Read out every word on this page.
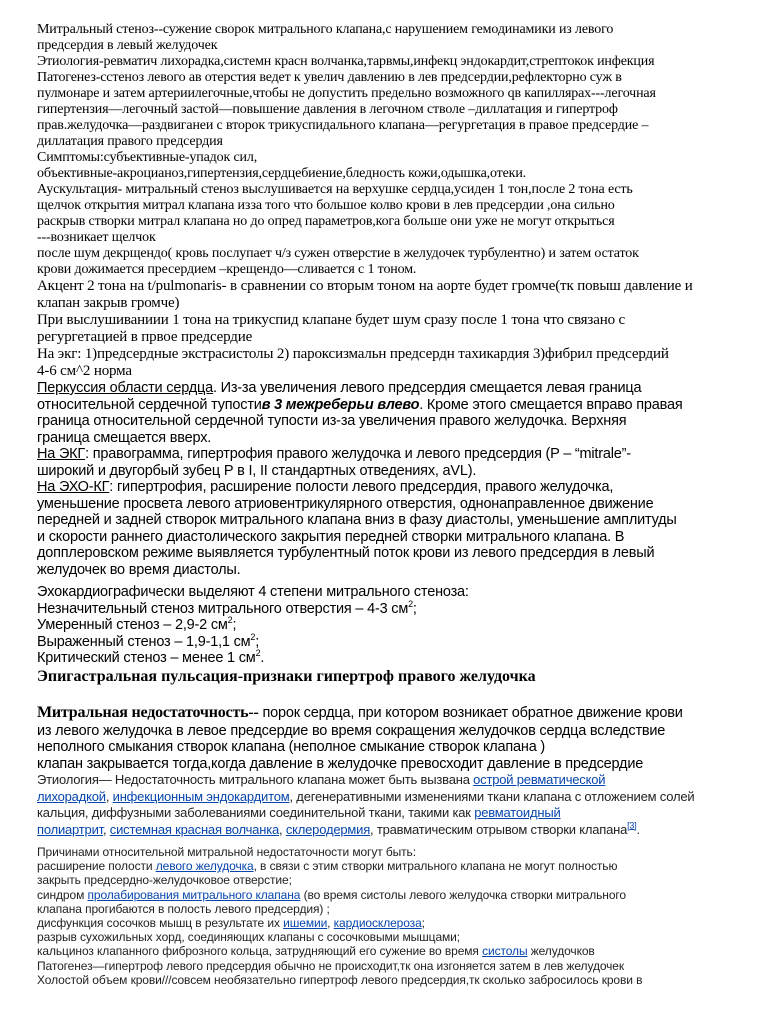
Митральный стеноз--сужение сворок митрального клапана,с нарушением гемодинамики из левого

предсердия в левый желудочек

Этиология-ревматич лихорадка,системн красн волчанка,тарвмы,инфекц эндокардит,стрептокок инфекция

Патогенез-сстеноз левого ав отерстия ведет к увелич давлению в лев предсердии,рефлекторно суж в

пулмонаре и затем артериилегочные,чтобы не допустить предельно возможного qв капиллярах---легочная

гипертензия—легочный застой—повышение давления в легочном стволе –диллатация и гипертроф

прав.желудочка—раздвиганеи с второк трикуспидального клапана—регургетация в правое предсердие –

диллатация правого предсердия

Симптомы:субъективные-упадок сил,

объективные-акроцианоз,гипертензия,сердцебиение,бледность кожи,одышка,отеки.

Аускультация- митральный стеноз выслушивается на верхушке сердца,усиден 1 тон,после 2 тона есть

щелчок открытия митрал клапана изза того что большое колво крови в лев предсердии ,она сильно

раскрыв створки митрал клапана но до опред параметров,кога больше они уже не могут открыться

---возникает щелчок

после шум декрщендо( кровь послупает ч/з сужен отверстие в желудочек турбулентно) и затем остаток

крови дожимается пресердием –крещендо—сливается с 1 тоном.

Акцент 2 тона на t/pulmonaris- в сравнении со вторым тоном на аорте будет громче(тк повыш давление и

клапан закрыв громче)

При выслушиваниии 1 тона на трикуспид клапане будет шум сразу после 1 тона что связано с

регургетацией в првое предсердие

На экг: 1)предсердные экстрасистолы 2) пароксизмальн предсердн тахикардия 3)фибрил предсердий

4-6 см^2 норма

Перкуссия области сердца. Из-за увеличения левого предсердия смещается левая граница

относительной сердечной тупостив 3 межреберьи влево. Кроме этого смещается вправо правая

граница относительной сердечной тупости из-за увеличения правого желудочка. Верхняя

граница смещается вверх.

На ЭКГ: правограмма, гипертрофия правого желудочка и левого предсердия (P – “mitrale”-

широкий и двугорбый зубец Р в I, II стандартных отведениях, aVL).

На ЭХО-КГ: гипертрофия, расширение полости левого предсердия, правого желудочка,

уменьшение просвета левого атриовентрикулярного отверстия, однонаправленное движение

передней и задней створок митрального клапана вниз в фазу диастолы, уменьшение амплитуды

и скорости раннего диастолического закрытия передней створки митрального клапана. В

допплеровском режиме выявляется турбулентный поток крови из левого предсердия в левый

желудочек во время диастолы.

Эхокардиографически выделяют 4 степени митрального стеноза:

Незначительный стеноз митрального отверстия – 4-3 $см^2$;

Умеренный стеноз – 2,9-2 $см^2$;

Выраженный стеноз – 1,9-1,1 $см^2$;

Критический стеноз – менее 1 $см^2$.

Эпигастральная пульсация-признаки гипертроф правого желудочка

Митральная недостаточность-- порок сердца, при котором возникает обратное движение крови

из левого желудочка в левое предсердие во время сокращения желудочков сердца вследствие

неполного смыкания створок клапана (неполное смыкание створок клапана )

клапан закрывается тогда,когда давление в желудочке превосходит давление в предсердие

Этиология— Недостаточность митрального клапана может быть вызвана острой ревматической

лихорадкой, инфекционным эндокардитом, дегенеративными изменениями ткани клапана с отложением солей

кальция, диффузными заболеваниями соединительной ткани, такими как ревматоидный

полиартрит, системная красная волчанка, склеродермия, травматическим отрывом створки клапана[3].

Причинами относительной митральной недостаточности могут быть:

расширение полости левого желудочка, в связи с этим створки митрального клапана не могут полностью

закрыть предсердно-желудочковое отверстие;

синдром пролабирования митрального клапана (во время систолы левого желудочка створки митрального

клапана прогибаются в полость левого предсердия) ;

дисфункция сосочков мышц в результате их ишемии, кардиосклероза;

разрыв сухожильных хорд, соединяющих клапаны с сосочковыми мышцами;

кальциноз клапанного фиброзного кольца, затрудняющий его сужение во время систолы желудочков

Патогенез—гипертроф левого предсердия обычно не происходит,тк она изгоняется затем в лев желудочек

Холостой объем крови///совсем необязательно гипертроф левого предсердия,тк сколько забросилось крови в
